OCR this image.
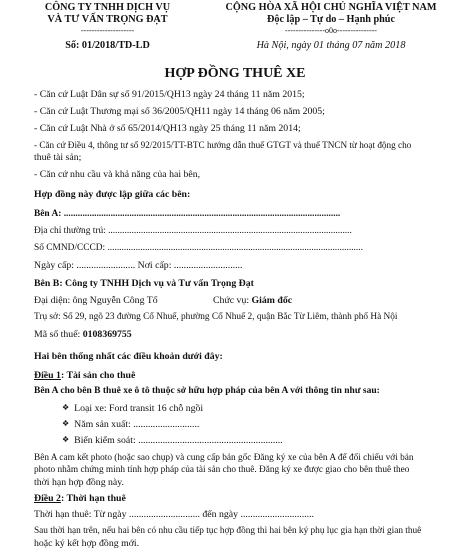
CÔNG TY TNHH DỊCH VỤ
VÀ TƯ VẤN TRỌNG ĐẠT
--------------------
Số: 01/2018/TD-LD
CỘNG HÒA XÃ HỘI CHỦ NGHĨA VIỆT NAM
Độc lập – Tự do – Hạnh phúc
---------------o0o---------------
Hà Nội, ngày 01 tháng 07 năm 2018
HỢP ĐỒNG THUÊ XE
- Căn cứ Luật Dân sự số 91/2015/QH13 ngày 24 tháng 11 năm 2015;
- Căn cứ Luật Thương mại số 36/2005/QH11 ngày 14 tháng 06 năm 2005;
- Căn cứ Luật Nhà ở số 65/2014/QH13 ngày 25 tháng 11 năm 2014;
- Căn cứ Điều 4, thông tư số 92/2015/TT-BTC hướng dẫn thuế GTGT và thuế TNCN từ hoạt động cho
thuê tài sản;
- Căn cứ nhu cầu và khả năng của hai bên,
Hợp đồng này được lập giữa các bên:
Bên A: ......................................................................................................................
Địa chỉ thường trú: ........................................................................................................
Số CMND/CCCD: .............................................................................................................
Ngày cấp: ........................ Nơi cấp: ............................
Bên B: Công ty TNHH Dịch vụ và Tư vấn Trọng Đạt
Đại diện: ông Nguyễn Công Tố	Chức vụ: Giám đốc
Trụ sở: Số 29, ngõ 23 đường Cổ Nhuế, phường Cổ Nhuế 2, quận Bắc Từ Liêm, thành phố Hà Nội
Mã số thuế: 0108369755
Hai bên thống nhất các điều khoản dưới đây:
Điều 1: Tài sản cho thuê
Bên A cho bên B thuê xe ô tô thuộc sở hữu hợp pháp của bên A với thông tin như sau:
❖ Loại xe: Ford transit 16 chỗ ngồi
❖ Năm sản xuất: ...........................
❖ Biển kiểm soát: ...........................................................
Bên A cam kết photo (hoặc sao chụp) và cung cấp bản gốc Đăng ký xe của bên A để đối chiếu với bản
photo nhằm chứng minh tính hợp pháp của tài sản cho thuê. Đăng ký xe được giao cho bên thuê theo
thời hạn hợp đồng này.
Điều 2: Thời hạn thuê
Thời hạn thuê: Từ ngày ............................. đến ngày ..............................
Sau thời hạn trên, nếu hai bên có nhu cầu tiếp tục hợp đồng thì hai bên ký phụ lục gia hạn thời gian thuê
hoặc ký kết hợp đồng mới.
